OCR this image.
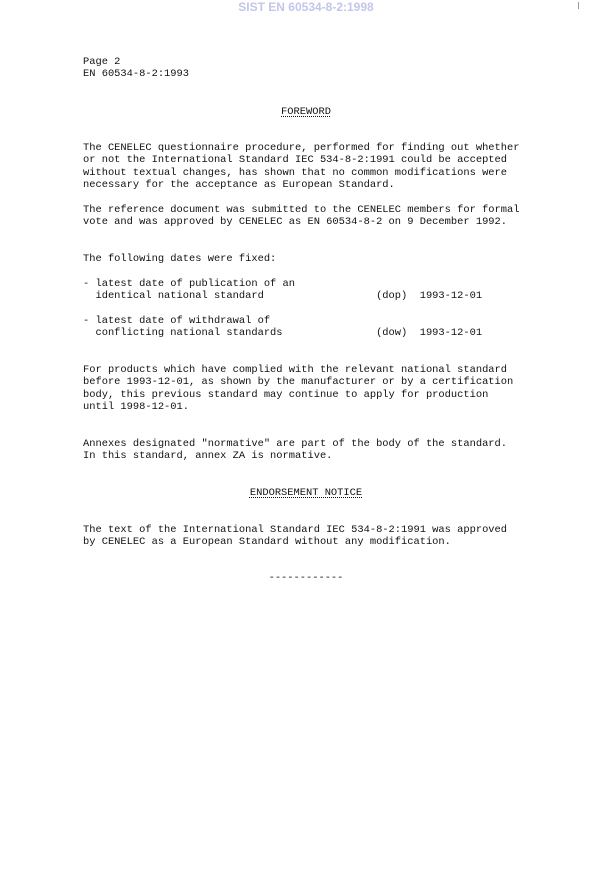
SIST EN 60534-8-2:1998
Page 2
EN 60534-8-2:1993
FOREWORD
The CENELEC questionnaire procedure, performed for finding out whether
or not the International Standard IEC 534-8-2:1991 could be accepted
without textual changes, has shown that no common modifications were
necessary for the acceptance as European Standard.
The reference document was submitted to the CENELEC members for formal
vote and was approved by CENELEC as EN 60534-8-2 on 9 December 1992.
The following dates were fixed:
- latest date of publication of an
identical national standard	(dop) 1993-12-01
- latest date of withdrawal of
conflicting national standards	(dow) 1993-12-01
For products which have complied with the relevant national standard
before 1993-12-01, as shown by the manufacturer or by a certification
body, this previous standard may continue to apply for production
until 1998-12-01.
Annexes designated "normative" are part of the body of the standard.
In this standard, annex ZA is normative.
ENDORSEMENT NOTICE
The text of the International Standard IEC 534-8-2:1991 was approved
by CENELEC as a European Standard without any modification.
------------
